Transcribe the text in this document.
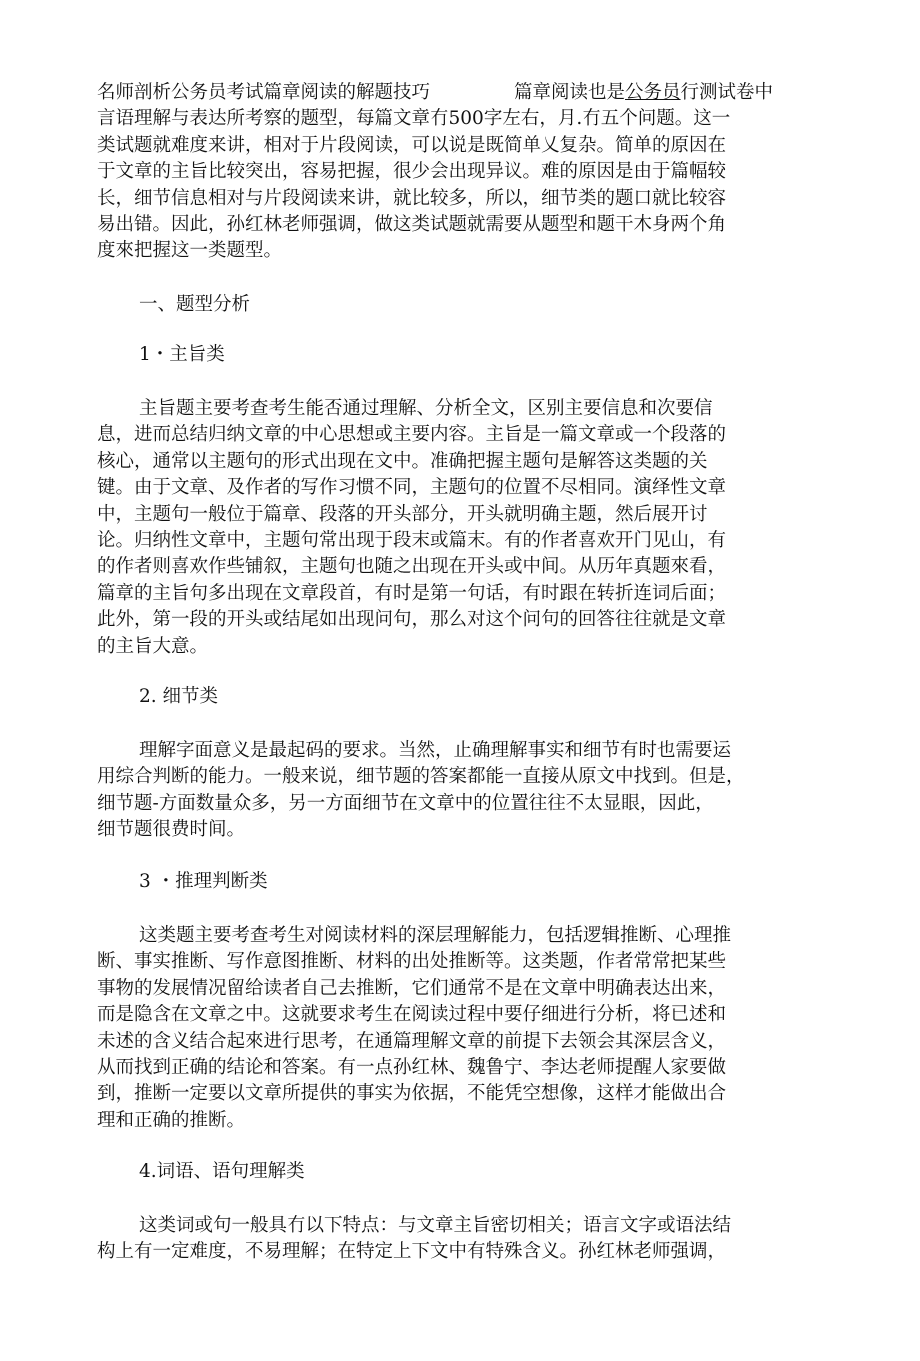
名师剖析公务员考试篇章阅读的解题技巧	篇章阅读也是公务员行测试卷中
言语理解与表达所考察的题型，每篇文章冇500字左右，月.冇五个问题。这一
类试题就难度来讲，相对于片段阅读，可以说是既简单乂复杂。简单的原因在
于文章的主旨比较突出，容易把握，很少会出现异议。难的原因是由于篇幅较
长，细节信息相对与片段阅读来讲，就比较多，所以，细节类的题口就比较容
易出错。因此，孙红林老师强调，做这类试题就需要从题型和题干木身两个角
度來把握这一类题型。
一、题型分析
1・主旨类
主旨题主要考查考生能否通过理解、分析全文，区别主要信息和次要信
息，进而总结归纳文章的中心思想或主要内容。主旨是一篇文章或一个段落的
核心，通常以主题句的形式出现在文中。准确把握主题句是解答这类题的关
键。由于文章、及作者的写作习惯不同，主题句的位置不尽相同。演绎性文章
中，主题句一般位于篇章、段落的开头部分，开头就明确主题，然后展开讨
论。归纳性文章中，主题句常出现于段末或篇末。有的作者喜欢开门见山，有
的作者则喜欢作些铺叙，主题句也随之出现在开头或中间。从历年真题來看，
篇章的主旨句多出现在文章段首，有时是第一句话，有时跟在转折连词后面；
此外，第一段的开头或结尾如出现问句，那么对这个问句的回答往往就是文章
的主旨大意。
2. 细节类
理解字面意义是最起码的要求。当然，止确理解事实和细节有时也需要运
用综合判断的能力。一般来说，细节题的答案都能一直接从原文中找到。但是，
细节题-方面数量众多，另一方面细节在文章中的位置往往不太显眼，因此，
细节题很费时间。
3 ・推理判断类
这类题主要考查考生对阅读材料的深层理解能力，包括逻辑推断、心理推
断、事实推断、写作意图推断、材料的出处推断等。这类题，作者常常把某些
事物的发展情况留给读者自己去推断，它们通常不是在文章中明确表达出来，
而是隐含在文章之中。这就要求考生在阅读过程中要仔细进行分析，将已述和
未述的含义结合起來进行思考，在通篇理解文章的前提下去领会其深层含义，
从而找到正确的结论和答案。有一点孙红林、魏鲁宁、李达老师提醒人家要做
到，推断一定要以文章所提供的事实为依据，不能凭空想像，这样才能做出合
理和正确的推断。
4.词语、语句理解类
这类词或句一般具冇以下特点：与文章主旨密切相关；语言文字或语法结
构上有一定难度，不易理解；在特定上下文中有特殊含义。孙红林老师强调，
